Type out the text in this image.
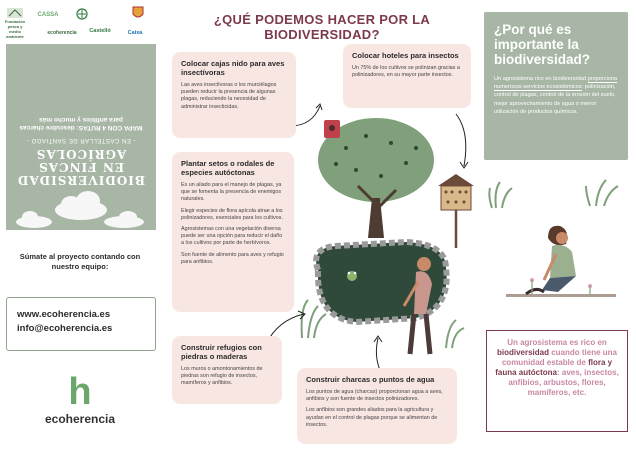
Fundación pesca y medio ambiente
CASSA
ecoherencia	Castelló	Caixa
BIODIVERSIDAD EN FINCAS AGRÍCOLAS
- EN CASTELLAR DE SANTIAGO -
MAPA CON 4 RUTAS: descubre charcas para anfibios y mucho más
Súmate al proyecto contando con nuestro equipo:
www.ecoherencia.es
info@ecoherencia.es
h
ecoherencia
¿QUÉ PODEMOS HACER POR LA BIODIVERSIDAD?
Colocar cajas nido para aves insectívoras

Las aves insectívoras o los murciélagos pueden reducir la presencia de algunas plagas, reduciendo la necesidad de administrar insecticidas.

Colocar hoteles para insectos

Un 75% de los cultivos se polinizan gracias a polinizadores, en su mayor parte insectos.

Plantar setos o rodales de especies autóctonas

Es un aliado para el manejo de plagas, ya que se fomenta la presencia de enemigos naturales.

Elegir especies de flora apícola atrae a los polinizadores, esenciales para los cultivos.

Agrosistemas con una vegetación diversa puede ser una opción para reducir el daño a los cultivos por parte de herbívoros.

Son fuente de alimento para aves y refugio para anfibios.

Construir refugios con piedras o maderas

Los muros o amontonamientos de piedras son refugio de insectos, mamíferos y anfibios.	Construir charcas o puntos de agua

Los puntos de agua (charcas) proporcionan agua a aves, anfibios y son fuente de insectos polinizadores.

Los anfibios son grandes aliados para la agricultura y ayudan en el control de plagas porque se alimentan de insectos.

¿Por qué es importante la biodiversidad?

Un agrosistema rico en biodiversidad proporciona numerosos servicios ecosistémicos: polinización, control de plagas, control de la erosión del suelo, mejor aprovechamiento de agua o menor utilización de productos químicos.

Un agrosistema es rico en biodiversidad cuando tiene una comunidad estable de flora y fauna autóctona: aves, insectos, anfibios, arbustos, flores, mamíferos, etc.
